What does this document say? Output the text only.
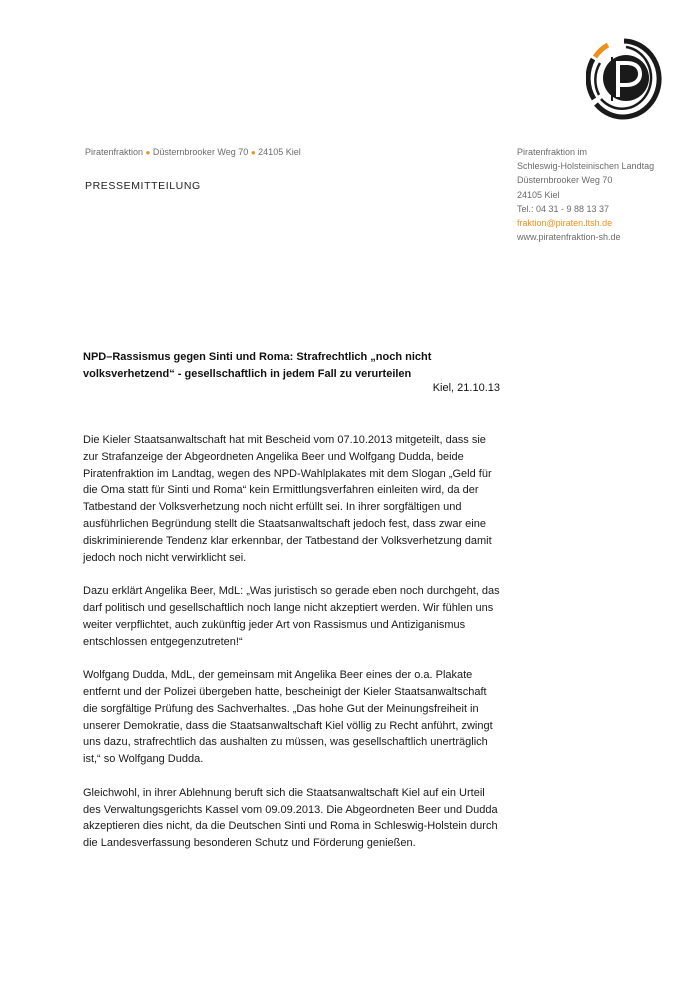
Piratenfraktion ● Düsternbrooker Weg 70 ● 24105 Kiel
PRESSEMITTEILUNG
Piratenfraktion im
Schleswig-Holsteinischen Landtag
Düsternbrooker Weg 70
24105 Kiel
Tel.: 04 31 - 9 88 13 37
fraktion@piraten.ltsh.de
www.piratenfraktion-sh.de
NPD–Rassismus gegen Sinti und Roma: Strafrechtlich „noch nicht volksverhetzend“ - gesellschaftlich in jedem Fall zu verurteilen
Kiel, 21.10.13

Die Kieler Staatsanwaltschaft hat mit Bescheid vom 07.10.2013 mitgeteilt, dass sie zur Strafanzeige der Abgeordneten Angelika Beer und Wolfgang Dudda, beide Piratenfraktion im Landtag, wegen des NPD-Wahlplakates mit dem Slogan „Geld für die Oma statt für Sinti und Roma“ kein Ermittlungsverfahren einleiten wird, da der Tatbestand der Volksverhetzung noch nicht erfüllt sei. In ihrer sorgfältigen und ausführlichen Begründung stellt die Staatsanwaltschaft jedoch fest, dass zwar eine diskriminierende Tendenz klar erkennbar, der Tatbestand der Volksverhetzung damit jedoch noch nicht verwirklicht sei.

Dazu erklärt Angelika Beer, MdL: „Was juristisch so gerade eben noch durchgeht, das darf politisch und gesellschaftlich noch lange nicht akzeptiert werden. Wir fühlen uns weiter verpflichtet, auch zukünftig jeder Art von Rassismus und Antiziganismus entschlossen entgegenzutreten!“

Wolfgang Dudda, MdL, der gemeinsam mit Angelika Beer eines der o.a. Plakate entfernt und der Polizei übergeben hatte, bescheinigt der Kieler Staatsanwaltschaft die sorgfältige Prüfung des Sachverhaltes. „Das hohe Gut der Meinungsfreiheit in unserer Demokratie, dass die Staatsanwaltschaft Kiel völlig zu Recht anführt, zwingt uns dazu, strafrechtlich das aushalten zu müssen, was gesellschaftlich unerträglich ist,“ so Wolfgang Dudda.

Gleichwohl, in ihrer Ablehnung beruft sich die Staatsanwaltschaft Kiel auf ein Urteil des Verwaltungsgerichts Kassel vom 09.09.2013. Die Abgeordneten Beer und Dudda akzeptieren dies nicht, da die Deutschen Sinti und Roma in Schleswig-Holstein durch die Landesverfassung besonderen Schutz und Förderung genießen.
